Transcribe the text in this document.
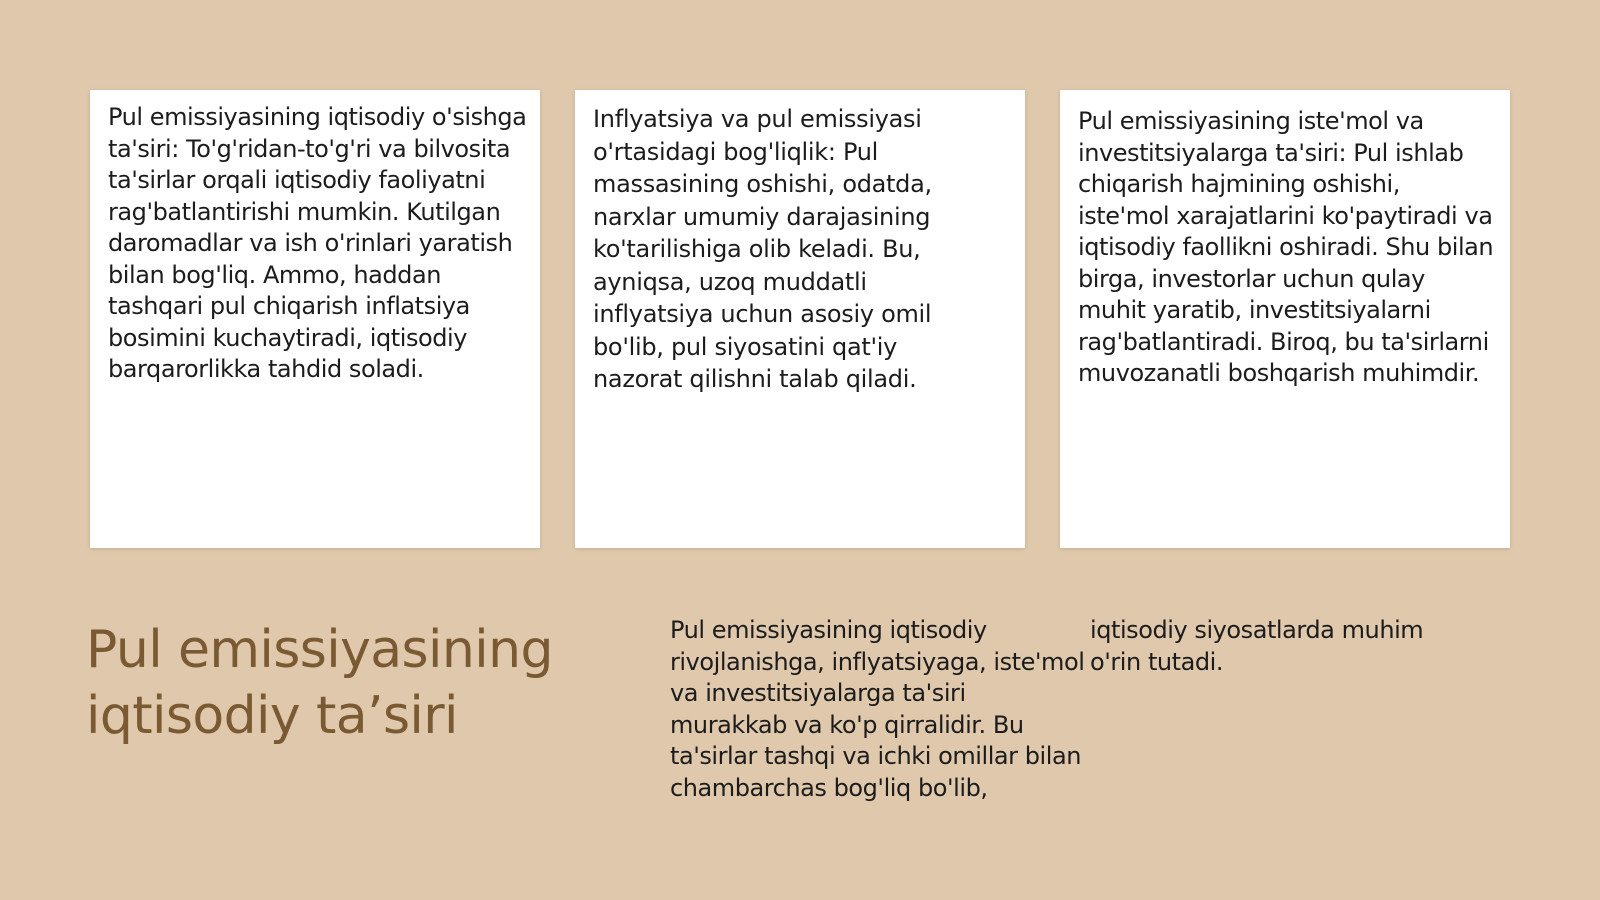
Pul emissiyasining iqtisodiy o'sishga ta'siri: To'g'ridan-to'g'ri va bilvosita ta'sirlar orqali iqtisodiy faoliyatni rag'batlantirishi mumkin. Kutilgan daromadlar va ish o'rinlari yaratish bilan bog'liq. Ammo, haddan tashqari pul chiqarish inflatsiya bosimini kuchaytiradi, iqtisodiy barqarorlikka tahdid soladi.

Inflyatsiya va pul emissiyasi o'rtasidagi bog'liqlik: Pul massasining oshishi, odatda, narxlar umumiy darajasining ko'tarilishiga olib keladi. Bu, ayniqsa, uzoq muddatli inflyatsiya uchun asosiy omil bo'lib, pul siyosatini qat'iy nazorat qilishni talab qiladi.

Pul emissiyasining iste'mol va investitsiyalarga ta'siri: Pul ishlab chiqarish hajmining oshishi, iste'mol xarajatlarini ko'paytiradi va iqtisodiy faollikni oshiradi. Shu bilan birga, investorlar uchun qulay muhit yaratib, investitsiyalarni rag'batlantiradi. Biroq, bu ta'sirlarni muvozanatli boshqarish muhimdir.

Pul emissiyasining iqtisodiy ta’siri

Pul emissiyasining iqtisodiy rivojlanishga, inflyatsiyaga, iste'mol va investitsiyalarga ta'siri murakkab va ko'p qirralidir. Bu ta'sirlar tashqi va ichki omillar bilan chambarchas bog'liq bo'lib,

iqtisodiy siyosatlarda muhim o'rin tutadi.
